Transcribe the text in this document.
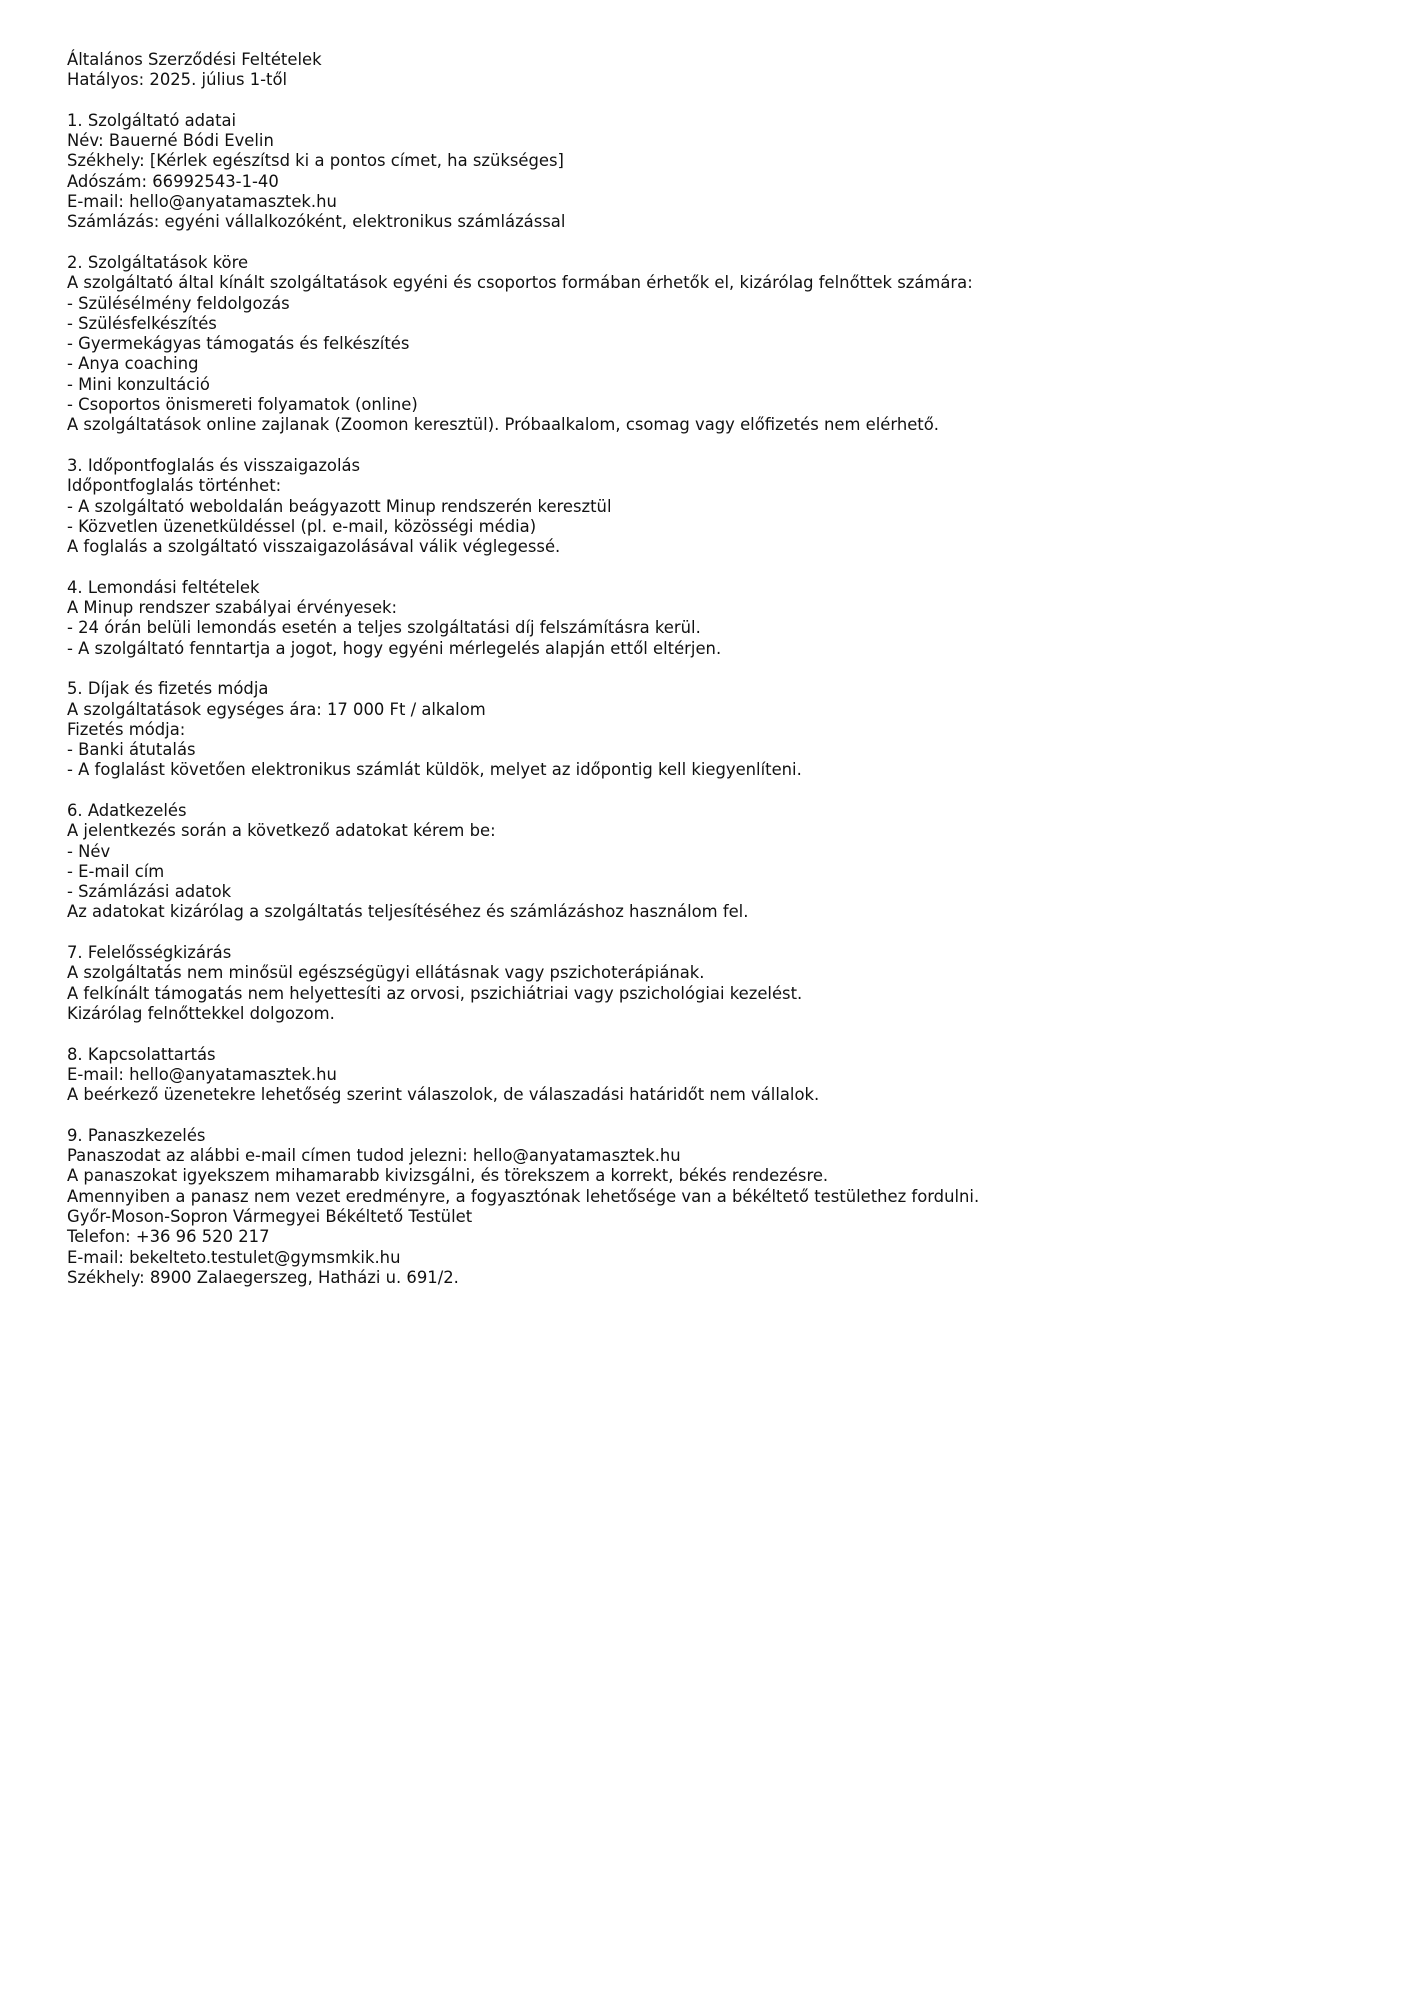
Általános Szerződési Feltételek
Hatályos: 2025. július 1-től
1. Szolgáltató adatai
Név: Bauerné Bódi Evelin
Székhely: [Kérlek egészítsd ki a pontos címet, ha szükséges]
Adószám: 66992543-1-40
E-mail: hello@anyatamasztek.hu
Számlázás: egyéni vállalkozóként, elektronikus számlázással
2. Szolgáltatások köre
A szolgáltató által kínált szolgáltatások egyéni és csoportos formában érhetők el, kizárólag felnőttek számára:
- Szülésélmény feldolgozás
- Szülésfelkészítés
- Gyermekágyas támogatás és felkészítés
- Anya coaching
- Mini konzultáció
- Csoportos önismereti folyamatok (online)
A szolgáltatások online zajlanak (Zoomon keresztül). Próbaalkalom, csomag vagy előfizetés nem elérhető.
3. Időpontfoglalás és visszaigazolás
Időpontfoglalás történhet:
- A szolgáltató weboldalán beágyazott Minup rendszerén keresztül
- Közvetlen üzenetküldéssel (pl. e-mail, közösségi média)
A foglalás a szolgáltató visszaigazolásával válik véglegessé.
4. Lemondási feltételek
A Minup rendszer szabályai érvényesek:
- 24 órán belüli lemondás esetén a teljes szolgáltatási díj felszámításra kerül.
- A szolgáltató fenntartja a jogot, hogy egyéni mérlegelés alapján ettől eltérjen.
5. Díjak és fizetés módja
A szolgáltatások egységes ára: 17 000 Ft / alkalom
Fizetés módja:
- Banki átutalás
- A foglalást követően elektronikus számlát küldök, melyet az időpontig kell kiegyenlíteni.
6. Adatkezelés
A jelentkezés során a következő adatokat kérem be:
- Név
- E-mail cím
- Számlázási adatok
Az adatokat kizárólag a szolgáltatás teljesítéséhez és számlázáshoz használom fel.
7. Felelősségkizárás
A szolgáltatás nem minősül egészségügyi ellátásnak vagy pszichoterápiának.
A felkínált támogatás nem helyettesíti az orvosi, pszichiátriai vagy pszichológiai kezelést.
Kizárólag felnőttekkel dolgozom.
8. Kapcsolattartás
E-mail: hello@anyatamasztek.hu
A beérkező üzenetekre lehetőség szerint válaszolok, de válaszadási határidőt nem vállalok.
9. Panaszkezelés
Panaszodat az alábbi e-mail címen tudod jelezni: hello@anyatamasztek.hu
A panaszokat igyekszem mihamarabb kivizsgálni, és törekszem a korrekt, békés rendezésre.
Amennyiben a panasz nem vezet eredményre, a fogyasztónak lehetősége van a békéltető testülethez fordulni.
Győr-Moson-Sopron Vármegyei Békéltető Testület
Telefon: +36 96 520 217
E-mail: bekelteto.testulet@gymsmkik.hu
Székhely: 8900 Zalaegerszeg, Hatházi u. 691/2.
